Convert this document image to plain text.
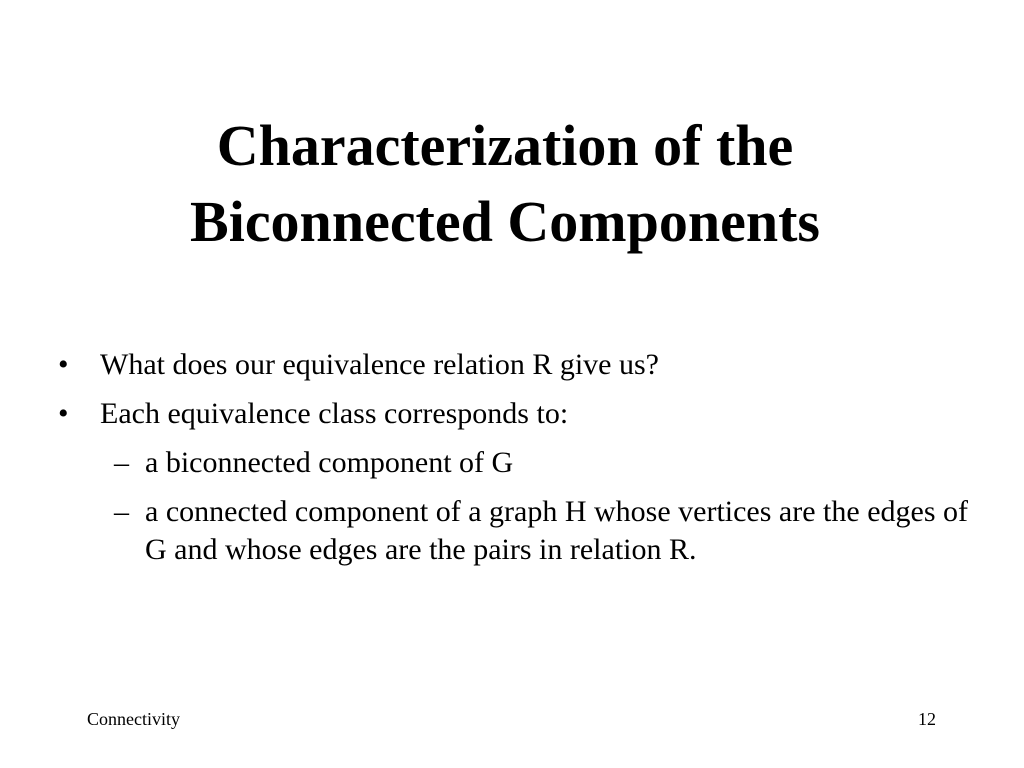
Characterization of the
Biconnected Components
• What does our equivalence relation R give us?
• Each equivalence class corresponds to:
– a biconnected component of G
– a connected component of a graph H whose vertices are the edges of G and whose edges are the pairs in relation R.
Connectivity	12
